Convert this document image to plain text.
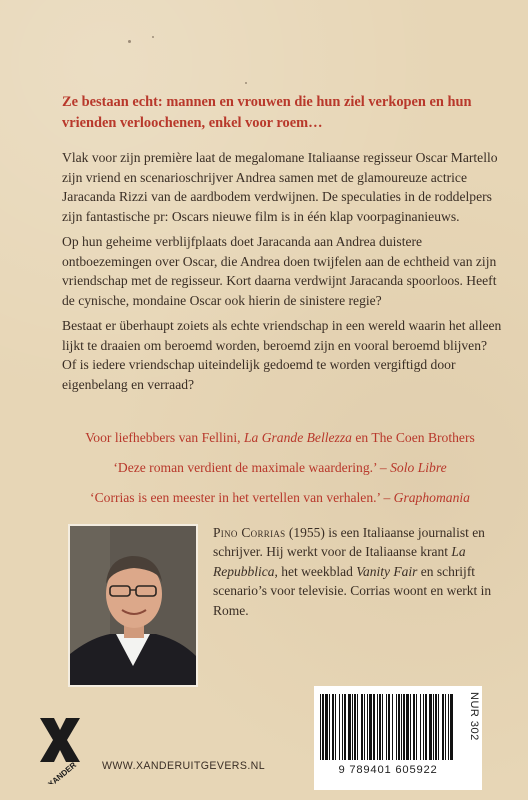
Ze bestaan echt: mannen en vrouwen die hun ziel verkopen en hun vrienden verloochenen, enkel voor roem…

Vlak voor zijn première laat de megalomane Italiaanse regisseur Oscar Martello zijn vriend en scenarioschrijver Andrea samen met de glamoureuze actrice Jaracanda Rizzi van de aardbodem verdwijnen. De speculaties in de roddelpers zijn fantastische pr: Oscars nieuwe film is in één klap voorpaginanieuws.

Op hun geheime verblijfplaats doet Jaracanda aan Andrea duistere ontboezemingen over Oscar, die Andrea doen twijfelen aan de echtheid van zijn vriendschap met de regisseur. Kort daarna verdwijnt Jaracanda spoorloos. Heeft de cynische, mondaine Oscar ook hierin de sinistere regie?

Bestaat er überhaupt zoiets als echte vriendschap in een wereld waarin het alleen lijkt te draaien om beroemd worden, beroemd zijn en vooral beroemd blijven? Of is iedere vriendschap uiteindelijk gedoemd te worden vergiftigd door eigenbelang en verraad?

Voor liefhebbers van Fellini, La Grande Bellezza en The Coen Brothers
‘Deze roman verdient de maximale waardering.’ – Solo Libre
‘Corrias is een meester in het vertellen van verhalen.’ – Graphomania

Pino Corrias (1955) is een Italiaanse journalist en schrijver. Hij werkt voor de Italiaanse krant La Repubblica, het weekblad Vanity Fair en schrijft scenario’s voor televisie. Corrias woont en werkt in Rome.

XANDER WWW.XANDERUITGEVERS.NL
NUR 302
9 789401 605922
